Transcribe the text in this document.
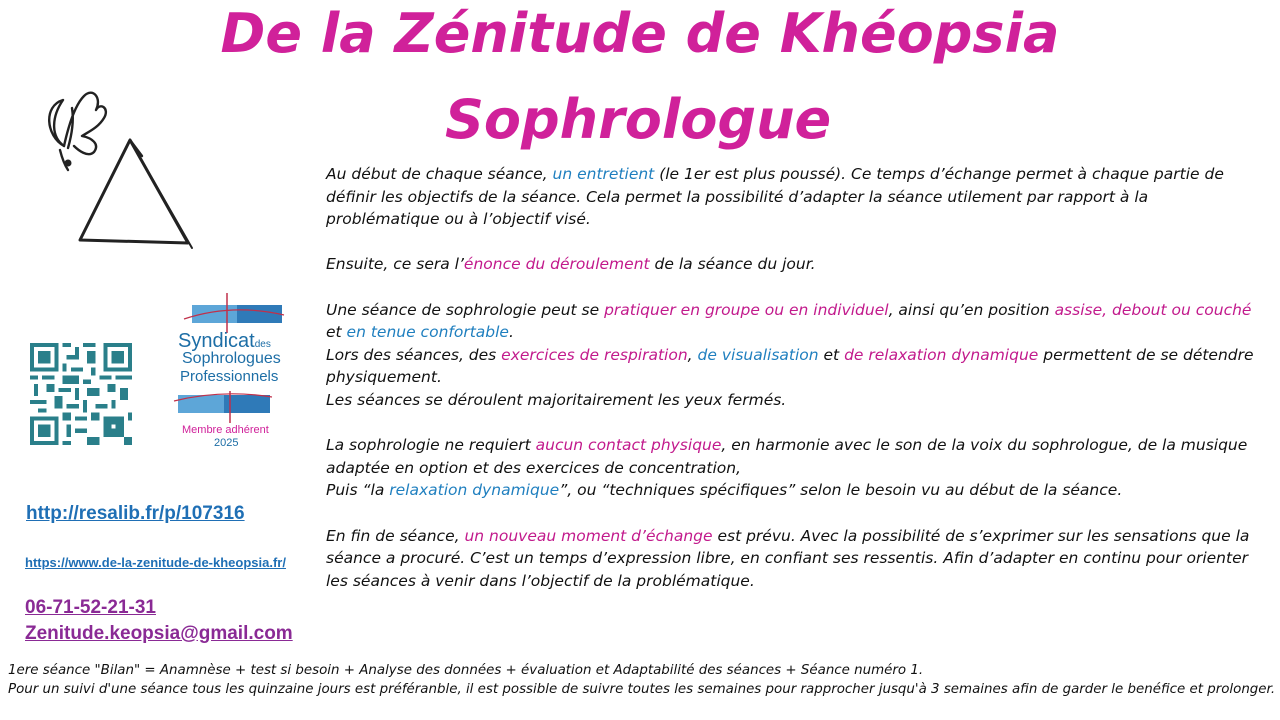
De la Zénitude de Khéopsia
Sophrologue
Syndicatdes
Sophrologues
Professionnels
Membre adhérent
2025
http://resalib.fr/p/107316
https://www.de-la-zenitude-de-kheopsia.fr/
06-71-52-21-31
Zenitude.keopsia@gmail.com

Au début de chaque séance, un entretient (le 1er est plus poussé). Ce temps d’échange permet à chaque partie de définir les objectifs de la séance. Cela permet la possibilité d’adapter la séance utilement par rapport à la problématique ou à l’objectif visé.

Ensuite, ce sera l’énonce du déroulement de la séance du jour.

Une séance de sophrologie peut se pratiquer en groupe ou en individuel, ainsi qu’en position assise, debout ou couché et en tenue confortable.

Lors des séances, des exercices de respiration, de visualisation et de relaxation dynamique permettent de se détendre physiquement.

Les séances se déroulent majoritairement les yeux fermés.

La sophrologie ne requiert aucun contact physique, en harmonie avec le son de la voix du sophrologue, de la musique adaptée en option et des exercices de concentration,

Puis “la relaxation dynamique”, ou “techniques spécifiques” selon le besoin vu au début de la séance.

En fin de séance, un nouveau moment d’échange est prévu. Avec la possibilité de s’exprimer sur les sensations que la séance a procuré. C’est un temps d’expression libre, en confiant ses ressentis. Afin d’adapter en continu pour orienter les séances à venir dans l’objectif de la problématique.

1ere séance "Bilan" = Anamnèse + test si besoin + Analyse des données + évaluation et Adaptabilité des séances + Séance numéro 1.

Pour un suivi d'une séance tous les quinzaine jours est préféranble, il est possible de suivre toutes les semaines pour rapprocher jusqu'à 3 semaines afin de garder le benéfice et prolonger.
